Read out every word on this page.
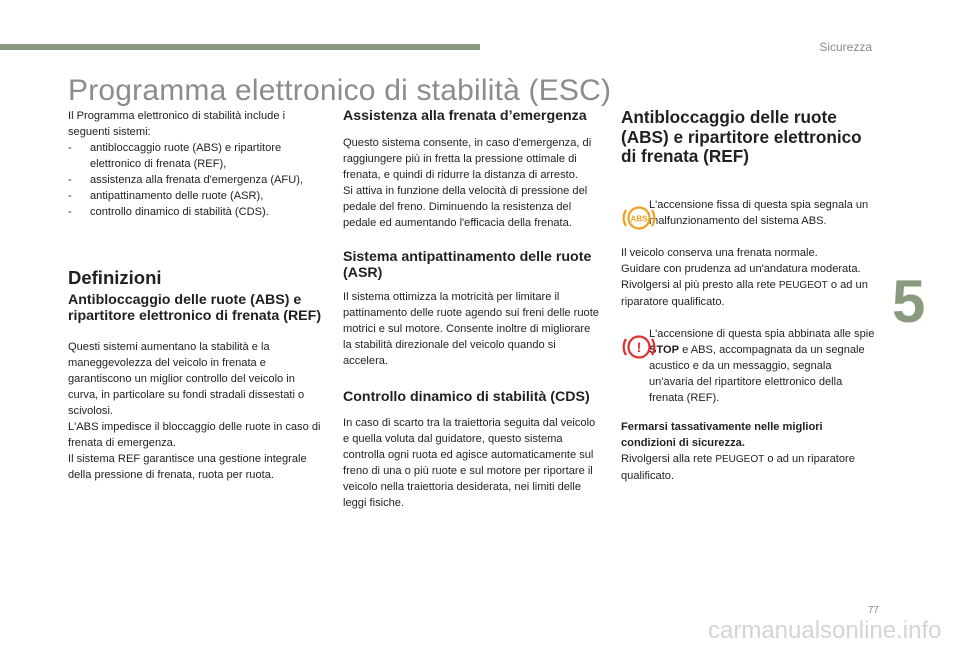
Sicurezza
Programma elettronico di stabilità (ESC)

Il Programma elettronico di stabilità include i seguenti sistemi:

- antibloccaggio ruote (ABS) e ripartitore elettronico di frenata (REF),
- assistenza alla frenata d'emergenza (AFU),
- antipattinamento delle ruote (ASR),
- controllo dinamico di stabilità (CDS).
Definizioni
Antibloccaggio delle ruote (ABS) e ripartitore elettronico di frenata (REF)

Questi sistemi aumentano la stabilità e la maneggevolezza del veicolo in frenata e garantiscono un miglior controllo del veicolo in curva, in particolare su fondi stradali dissestati o scivolosi.

L'ABS impedisce il bloccaggio delle ruote in caso di frenata di emergenza.

Il sistema REF garantisce una gestione integrale della pressione di frenata, ruota per ruota.

Assistenza alla frenata d’emergenza

Questo sistema consente, in caso d'emergenza, di raggiungere più in fretta la pressione ottimale di frenata, e quindi di ridurre la distanza di arresto.

Si attiva in funzione della velocità di pressione del pedale del freno. Diminuendo la resistenza del pedale ed aumentando l'efficacia della frenata.

Sistema antipattinamento delle ruote (ASR)

Il sistema ottimizza la motricità per limitare il pattinamento delle ruote agendo sui freni delle ruote motrici e sul motore. Consente inoltre di migliorare la stabilità direzionale del veicolo quando si accelera.

Controllo dinamico di stabilità (CDS)

In caso di scarto tra la traiettoria seguita dal veicolo e quella voluta dal guidatore, questo sistema controlla ogni ruota ed agisce automaticamente sul freno di una o più ruote e sul motore per riportare il veicolo nella traiettoria desiderata, nei limiti delle leggi fisiche.

Antibloccaggio delle ruote (ABS) e ripartitore elettronico di frenata (REF)
ABS

L'accensione fissa di questa spia segnala un malfunzionamento del sistema ABS.

Il veicolo conserva una frenata normale.

Guidare con prudenza ad un'andatura moderata.

Rivolgersi al più presto alla rete PEUGEOT o ad un riparatore qualificato.

!

L'accensione di questa spia abbinata alle spie STOP e ABS, accompagnata da un segnale acustico e da un messaggio, segnala un'avaria del ripartitore elettronico della frenata (REF).

Fermarsi tassativamente nelle migliori condizioni di sicurezza.

Rivolgersi alla rete PEUGEOT o ad un riparatore qualificato.

5
77
carmanualsonline.info
